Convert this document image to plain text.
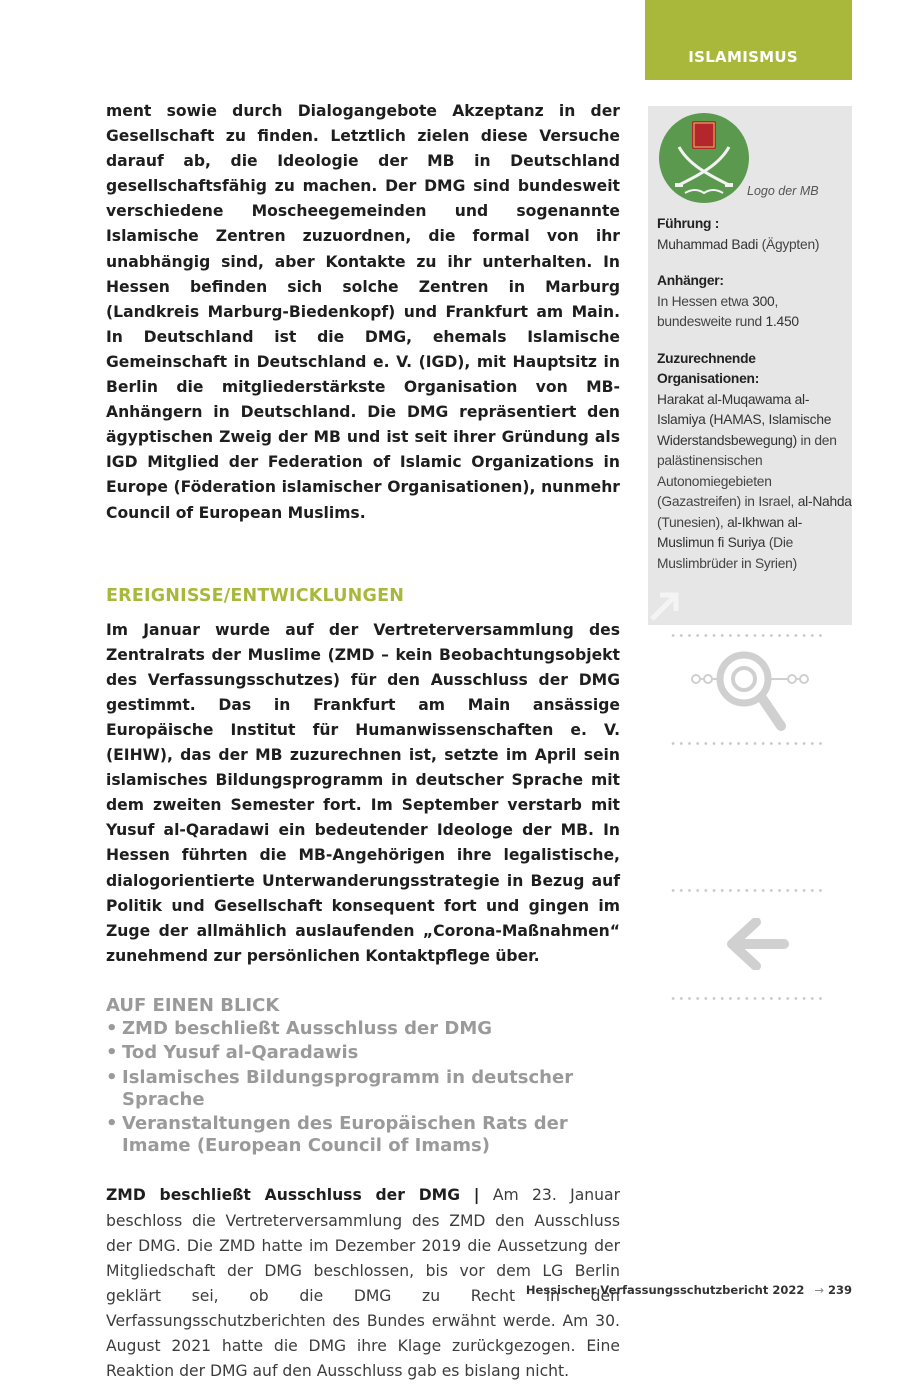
ISLAMISMUS

ment sowie durch Dialogangebote Akzeptanz in der Gesellschaft zu finden. Letztlich zielen diese Versuche darauf ab, die Ideologie der MB in Deutschland gesellschaftsfähig zu machen. Der DMG sind bundesweit verschiedene Moscheegemeinden und sogenannte Islamische Zentren zuzuordnen, die formal von ihr unabhängig sind, aber Kontakte zu ihr unterhalten. In Hessen befinden sich solche Zentren in Marburg (Landkreis Marburg-Biedenkopf) und Frankfurt am Main. In Deutschland ist die DMG, ehemals Islamische Gemeinschaft in Deutschland e. V. (IGD), mit Hauptsitz in Berlin die mitgliederstärkste Organisation von MB-Anhängern in Deutschland. Die DMG repräsentiert den ägyptischen Zweig der MB und ist seit ihrer Gründung als IGD Mitglied der Federation of Islamic Organizations in Europe (Föderation islamischer Organisationen), nunmehr Council of European Muslims.

EREIGNISSE/ENTWICKLUNGEN

Im Januar wurde auf der Vertreterversammlung des Zentralrats der Muslime (ZMD – kein Beobachtungsobjekt des Verfassungsschutzes) für den Ausschluss der DMG gestimmt. Das in Frankfurt am Main ansässige Europäische Institut für Humanwissenschaften e. V. (EIHW), das der MB zuzurechnen ist, setzte im April sein islamisches Bildungsprogramm in deutscher Sprache mit dem zweiten Semester fort. Im September verstarb mit Yusuf al-Qaradawi ein bedeutender Ideologe der MB. In Hessen führten die MB-Angehörigen ihre legalistische, dialogorientierte Unterwanderungsstrategie in Bezug auf Politik und Gesellschaft konsequent fort und gingen im Zuge der allmählich auslaufenden „Corona-Maßnahmen“ zunehmend zur persönlichen Kontaktpflege über.

AUF EINEN BLICK
• ZMD beschließt Ausschluss der DMG
• Tod Yusuf al-Qaradawis
• Islamisches Bildungsprogramm in deutscher Sprache
• Veranstaltungen des Europäischen Rats der Imame (European Council of Imams)

ZMD beschließt Ausschluss der DMG | Am 23. Januar beschloss die Vertreterversammlung des ZMD den Ausschluss der DMG. Die ZMD hatte im Dezember 2019 die Aussetzung der Mitgliedschaft der DMG beschlossen, bis vor dem LG Berlin geklärt sei, ob die DMG zu Recht in den Verfassungsschutzberichten des Bundes erwähnt werde. Am 30. August 2021 hatte die DMG ihre Klage zurückgezogen. Eine Reaktion der DMG auf den Ausschluss gab es bislang nicht.

Logo der MB

Führung :
Muhammad Badi (Ägypten)

Anhänger:
In Hessen etwa 300,
bundesweite rund 1.450

Zuzurechnende Organisationen:
Harakat al-Muqawama al-Islamiya (HAMAS, Islamische Widerstandsbewegung) in den palästinensischen Autonomiegebieten (Gazastreifen) in Israel, al-Nahda (Tunesien), al-Ikhwan al-Muslimun fi Suriya (Die Muslimbrüder in Syrien)

Hessischer Verfassungsschutzbericht 2022 → 239
